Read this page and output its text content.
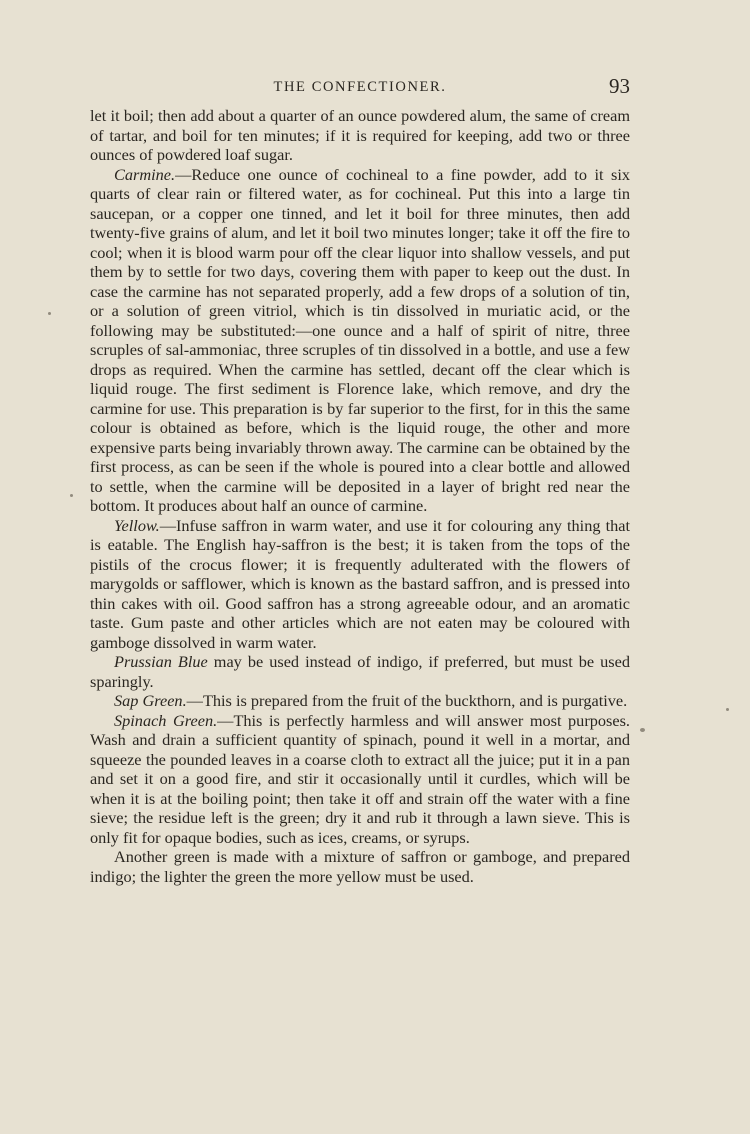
THE CONFECTIONER.	93

let it boil; then add about a quarter of an ounce powdered alum, the same of cream of tartar, and boil for ten minutes; if it is required for keeping, add two or three ounces of powdered loaf sugar.

Carmine.—Reduce one ounce of cochineal to a fine powder, add to it six quarts of clear rain or filtered water, as for cochineal. Put this into a large tin saucepan, or a copper one tinned, and let it boil for three minutes, then add twenty-five grains of alum, and let it boil two minutes longer; take it off the fire to cool; when it is blood warm pour off the clear liquor into shallow vessels, and put them by to settle for two days, covering them with paper to keep out the dust. In case the carmine has not separated properly, add a few drops of a solution of tin, or a solution of green vitriol, which is tin dissolved in muriatic acid, or the following may be substituted:—one ounce and a half of spirit of nitre, three scruples of sal-ammoniac, three scruples of tin dissolved in a bottle, and use a few drops as required. When the carmine has settled, decant off the clear which is liquid rouge. The first sediment is Florence lake, which remove, and dry the carmine for use. This preparation is by far superior to the first, for in this the same colour is obtained as before, which is the liquid rouge, the other and more expensive parts being invariably thrown away. The carmine can be obtained by the first process, as can be seen if the whole is poured into a clear bottle and allowed to settle, when the carmine will be deposited in a layer of bright red near the bottom. It produces about half an ounce of carmine.

Yellow.—Infuse saffron in warm water, and use it for colouring any thing that is eatable. The English hay-saffron is the best; it is taken from the tops of the pistils of the crocus flower; it is frequently adulterated with the flowers of marygolds or safflower, which is known as the bastard saffron, and is pressed into thin cakes with oil. Good saffron has a strong agreeable odour, and an aromatic taste. Gum paste and other articles which are not eaten may be coloured with gamboge dissolved in warm water.

Prussian Blue may be used instead of indigo, if preferred, but must be used sparingly.

Sap Green.—This is prepared from the fruit of the buckthorn, and is purgative.

Spinach Green.—This is perfectly harmless and will answer most purposes. Wash and drain a sufficient quantity of spinach, pound it well in a mortar, and squeeze the pounded leaves in a coarse cloth to extract all the juice; put it in a pan and set it on a good fire, and stir it occasionally until it curdles, which will be when it is at the boiling point; then take it off and strain off the water with a fine sieve; the residue left is the green; dry it and rub it through a lawn sieve. This is only fit for opaque bodies, such as ices, creams, or syrups.

Another green is made with a mixture of saffron or gamboge, and prepared indigo; the lighter the green the more yellow must be used.
